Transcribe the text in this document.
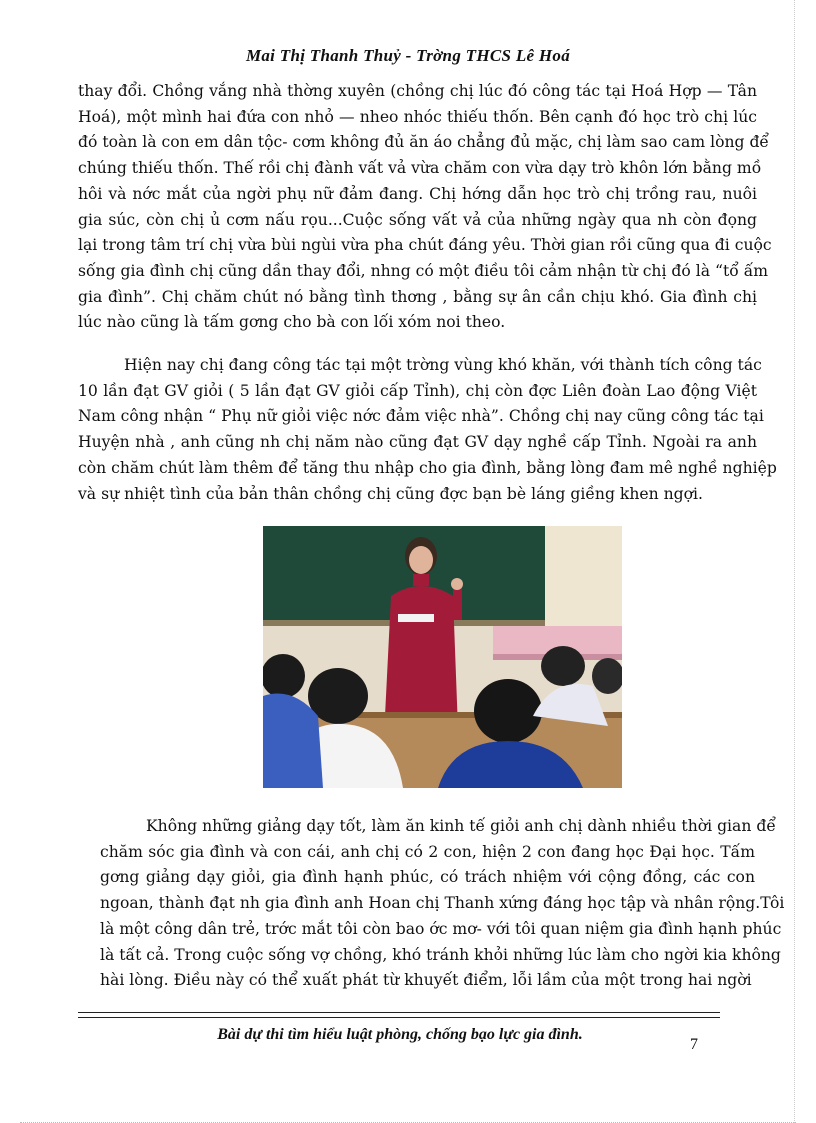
Mai Thị Thanh Thuỷ - Trờng THCS Lê Hoá
thay đổi. Chồng vắng nhà thờng xuyên (chồng chị lúc đó công tác tại Hoá Hợp — Tân
Hoá), một mình hai đứa con nhỏ — nheo nhóc thiếu thốn. Bên cạnh đó học trò chị lúc
đó toàn là con em dân tộc- cơm không đủ ăn áo chẳng đủ mặc, chị làm sao cam lòng để
chúng thiếu thốn. Thế rồi chị đành vất vả vừa chăm con vừa dạy trò khôn lớn bằng mồ
hôi và nớc mắt của ngời phụ nữ đảm đang. Chị hớng dẫn học trò chị trồng rau, nuôi
gia súc, còn chị ủ cơm nấu rọu...Cuộc sống vất vả của những ngày qua nh còn đọng
lại trong tâm trí chị vừa bùi ngùi vừa pha chút đáng yêu. Thời gian rồi cũng qua đi cuộc
sống gia đình chị cũng dần thay đổi, nhng có một điều tôi cảm nhận từ chị đó là “tổ ấm
gia đình”. Chị chăm chút nó bằng tình thơng , bằng sự ân cần chịu khó. Gia đình chị
lúc nào cũng là tấm gơng cho bà con lối xóm noi theo.
Hiện nay chị đang công tác tại một trờng vùng khó khăn, với thành tích công tác
10 lần đạt GV giỏi ( 5 lần đạt GV giỏi cấp Tỉnh), chị còn đợc Liên đoàn Lao động Việt
Nam công nhận “ Phụ nữ giỏi việc nớc đảm việc nhà”. Chồng chị nay cũng công tác tại
Huyện nhà , anh cũng nh chị năm nào cũng đạt GV dạy nghề cấp Tỉnh. Ngoài ra anh
còn chăm chút làm thêm để tăng thu nhập cho gia đình, bằng lòng đam mê nghề nghiệp
và sự nhiệt tình của bản thân chồng chị cũng đợc bạn bè láng giềng khen ngợi.
Không những giảng dạy tốt, làm ăn kinh tế giỏi anh chị dành nhiều thời gian để
chăm sóc gia đình và con cái, anh chị có 2 con, hiện 2 con đang học Đại học. Tấm
gơng giảng dạy giỏi, gia đình hạnh phúc, có trách nhiệm với cộng đồng, các con
ngoan, thành đạt nh gia đình anh Hoan chị Thanh xứng đáng học tập và nhân rộng.Tôi
là một công dân trẻ, trớc mắt tôi còn bao ớc mơ- với tôi quan niệm gia đình hạnh phúc
là tất cả. Trong cuộc sống vợ chồng, khó tránh khỏi những lúc làm cho ngời kia không
hài lòng. Điều này có thể xuất phát từ khuyết điểm, lỗi lầm của một trong hai ngời
Bài dự thi tìm hiểu luật phòng, chống bạo lực gia đình.
7
